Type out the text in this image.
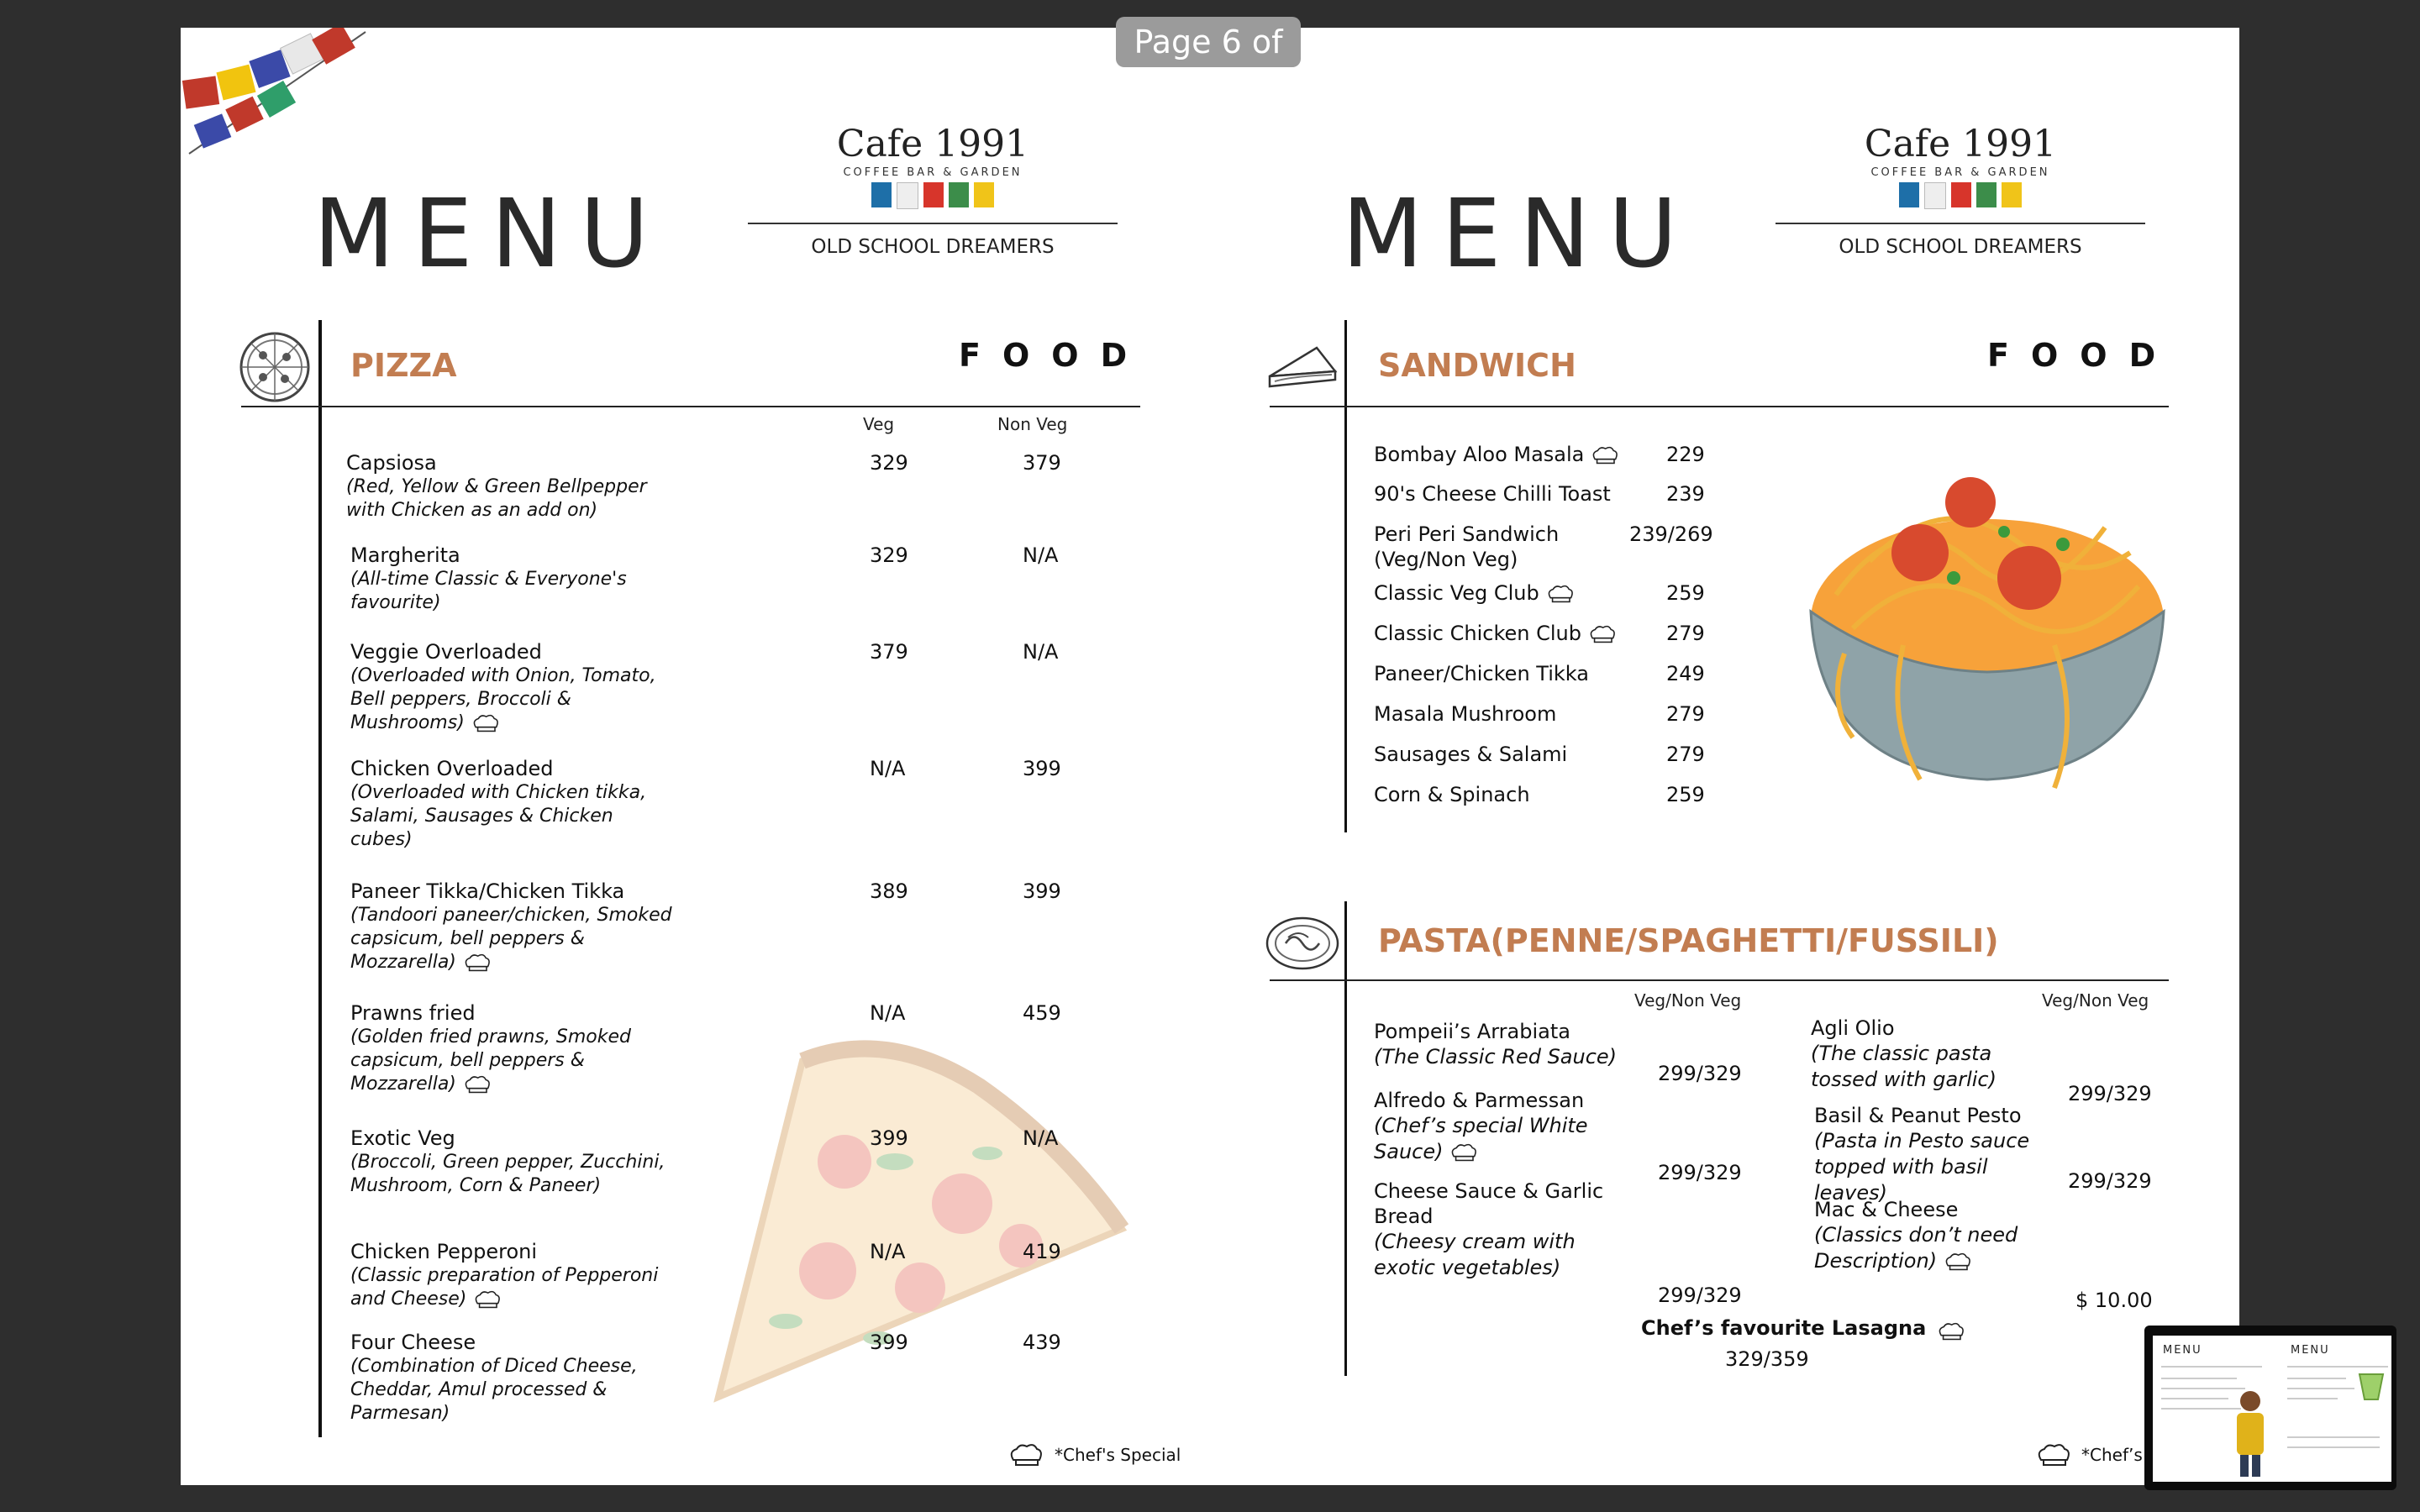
Page 6 of 16
MENU
Cafe 1991
COFFEE BAR & GARDEN
OLD SCHOOL DREAMERS
PIZZA	FOOD
Veg	Non Veg
Capsiosa
(Red, Yellow & Green Bellpepper with Chicken as an add on)
329	379
Margherita
(All-time Classic & Everyone's favourite)
329	N/A
Veggie Overloaded
(Overloaded with Onion, Tomato, Bell peppers, Broccoli & Mushrooms)
379	N/A
Chicken Overloaded
(Overloaded with Chicken tikka, Salami, Sausages & Chicken cubes)
N/A	399
Paneer Tikka/Chicken Tikka
(Tandoori paneer/chicken, Smoked capsicum, bell peppers & Mozzarella)
389	399
Prawns fried
(Golden fried prawns, Smoked capsicum, bell peppers & Mozzarella)
N/A	459
Exotic Veg
(Broccoli, Green pepper, Zucchini, Mushroom, Corn & Paneer)
399	N/A
Chicken Pepperoni
(Classic preparation of Pepperoni and Cheese)
N/A	419
Four Cheese
(Combination of Diced Cheese, Cheddar, Amul processed & Parmesan)
399	439
*Chef's Special
MENU
Cafe 1991
COFFEE BAR & GARDEN
OLD SCHOOL DREAMERS
SANDWICH	FOOD
Bombay Aloo Masala	229
90's Cheese Chilli Toast	239
Peri Peri Sandwich
(Veg/Non Veg)
239/269
Classic Veg Club	259
Classic Chicken Club	279
Paneer/Chicken Tikka	249
Masala Mushroom	279
Sausages & Salami	279
Corn & Spinach	259
PASTA(PENNE/SPAGHETTI/FUSSILI)
Veg/Non Veg	Veg/Non Veg
Pompeii’s Arrabiata
(The Classic Red Sauce)
299/329
Alfredo & Parmessan
(Chef’s special White Sauce)
299/329
Cheese Sauce & Garlic Bread
(Cheesy cream with exotic vegetables)
299/329
Agli Olio
(The classic pasta tossed with garlic)
299/329
Basil & Peanut Pesto
(Pasta in Pesto sauce topped with basil leaves)	299/329
Mac & Cheese
(Classics don’t need Description)
$ 10.00
Chef’s favourite Lasagna
329/359
*Chef’s
MENU	MENU
